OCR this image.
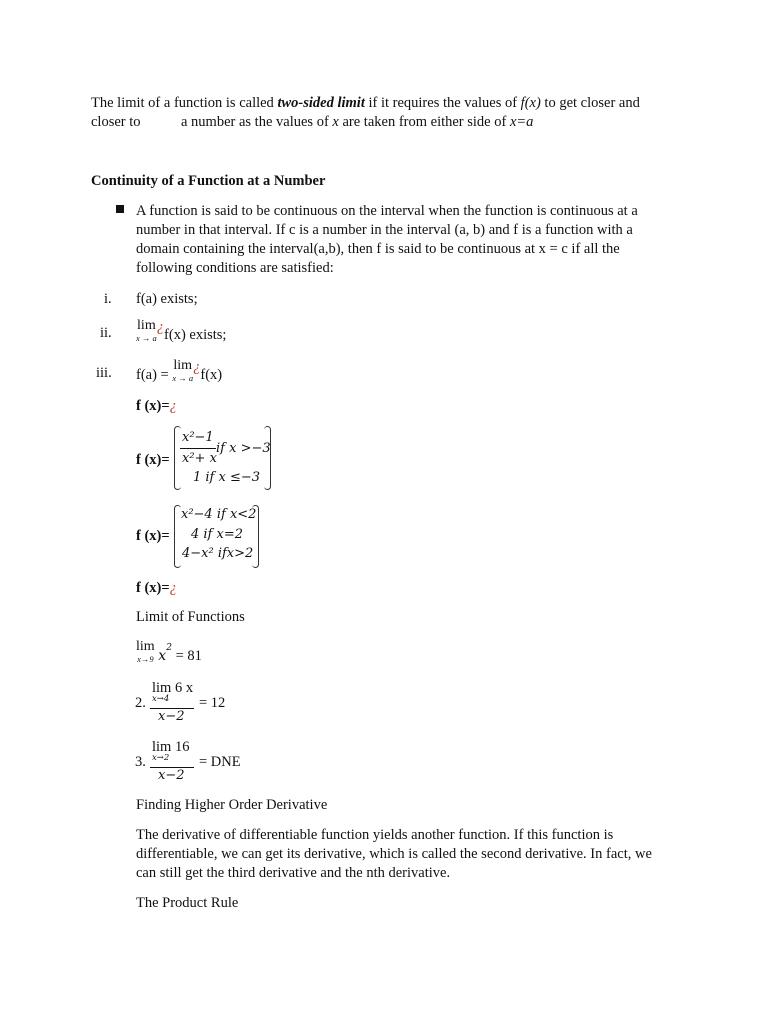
The limit of a function is called two-sided limit if it requires the values of f(x) to get closer and
closer to	a number as the values of x are taken from either side of x=a
Continuity of a Function at a Number
A function is said to be continuous on the interval when the function is continuous at a
number in that interval. If c is a number in the interval (a, b) and f is a function with a
domain containing the interval(a,b), then f is said to be continuous at x = c if all the
following conditions are satisfied:
i. f(a) exists;
ii. lim
x → a
¿f(x) exists;
iii. f(a) =
lim
x → a
¿f(x)
f (x)=¿
f (x)=
x²−1
x²+ x
if x >−3
1 if x ≤−3
f (x)=
x²−4 if x<2
4 if x=2
4−x² ifx>2
f (x)=¿
Limit of Functions
lim
x→9 $x^2 = 81$
2.
lim 6 x
x→4
x−2
= 12
3.
lim 16
x→2
x−2
= DNE
Finding Higher Order Derivative
The derivative of differentiable function yields another function. If this function is
differentiable, we can get its derivative, which is called the second derivative. In fact, we
can still get the third derivative and the nth derivative.
The Product Rule
